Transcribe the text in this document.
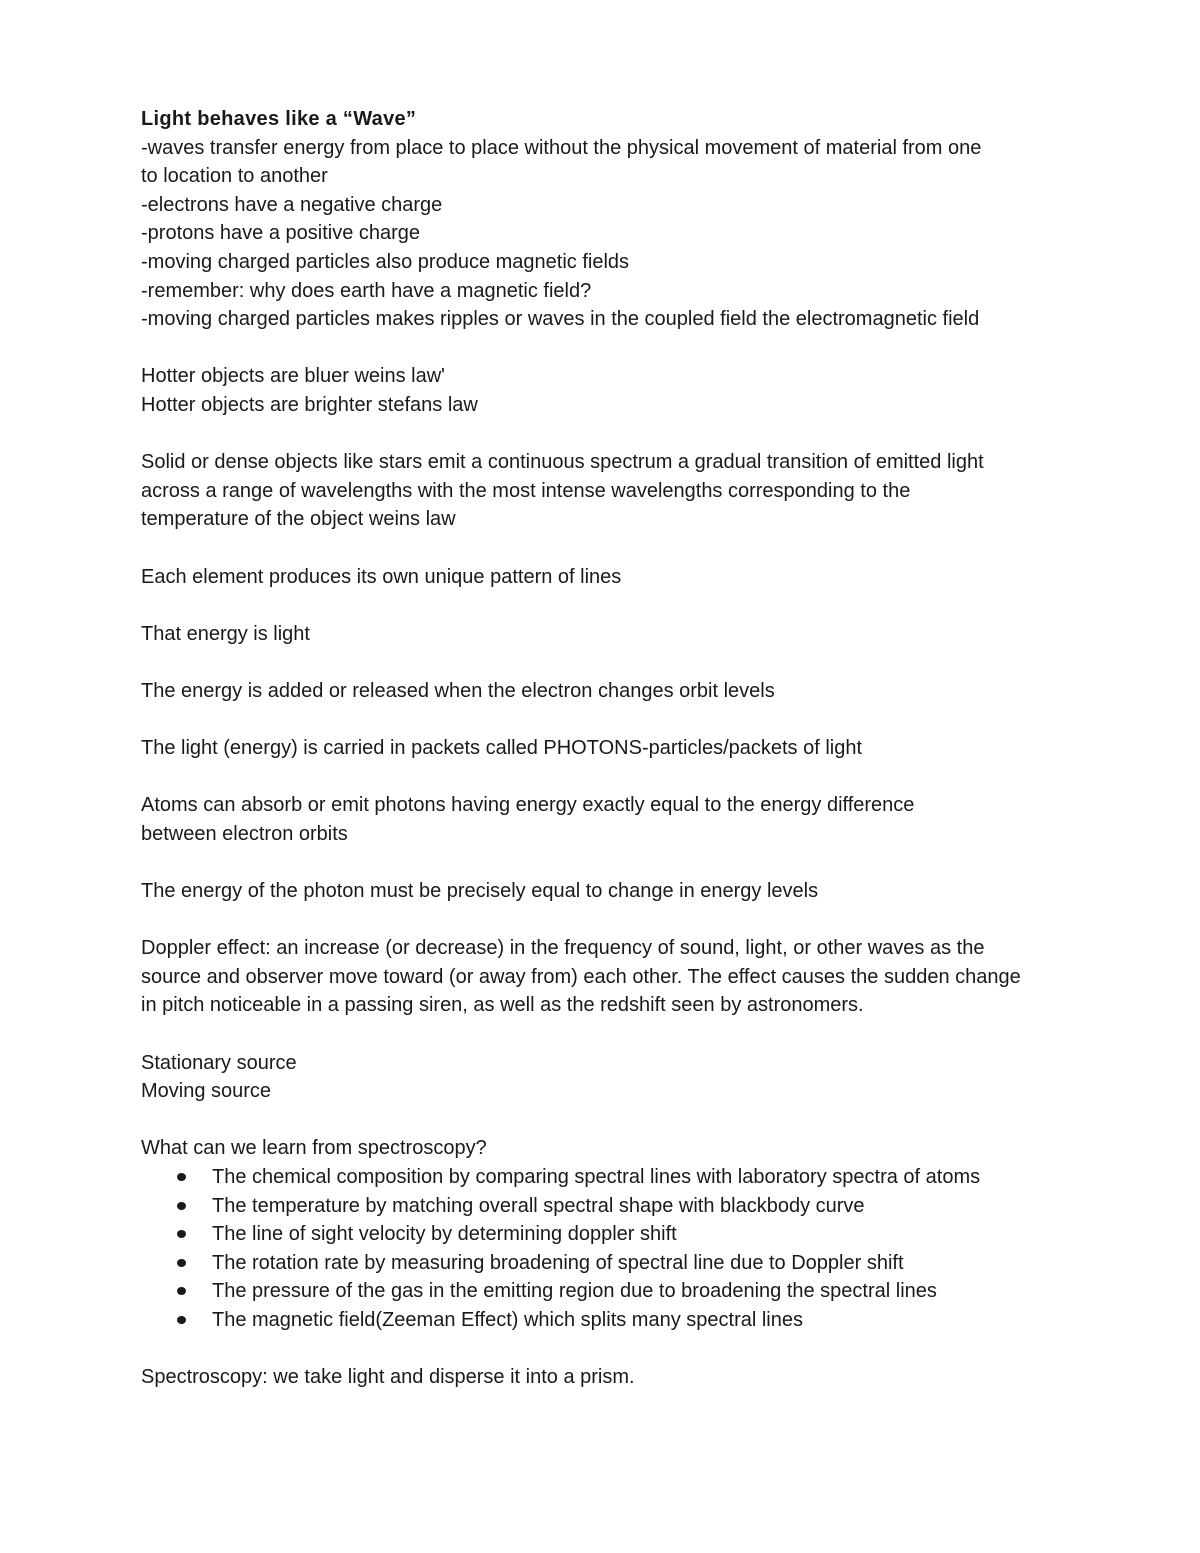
Light behaves like a “Wave”

-waves transfer energy from place to place without the physical movement of material from one

to location to another

-electrons have a negative charge

-protons have a positive charge

-moving charged particles also produce magnetic fields

-remember: why does earth have a magnetic field?

-moving charged particles makes ripples or waves in the coupled field the electromagnetic field

Hotter objects are bluer weins law'

Hotter objects are brighter stefans law

Solid or dense objects like stars emit a continuous spectrum a gradual transition of emitted light

across a range of wavelengths with the most intense wavelengths corresponding to the

temperature of the object weins law

Each element produces its own unique pattern of lines

That energy is light

The energy is added or released when the electron changes orbit levels

The light (energy) is carried in packets called PHOTONS-particles/packets of light

Atoms can absorb or emit photons having energy exactly equal to the energy difference

between electron orbits

The energy of the photon must be precisely equal to change in energy levels

Doppler effect: an increase (or decrease) in the frequency of sound, light, or other waves as the

source and observer move toward (or away from) each other. The effect causes the sudden change

in pitch noticeable in a passing siren, as well as the redshift seen by astronomers.

Stationary source

Moving source

What can we learn from spectroscopy?

The chemical composition by comparing spectral lines with laboratory spectra of atoms
The temperature by matching overall spectral shape with blackbody curve
The line of sight velocity by determining doppler shift
The rotation rate by measuring broadening of spectral line due to Doppler shift
The pressure of the gas in the emitting region due to broadening the spectral lines
The magnetic field(Zeeman Effect) which splits many spectral lines

Spectroscopy: we take light and disperse it into a prism.
